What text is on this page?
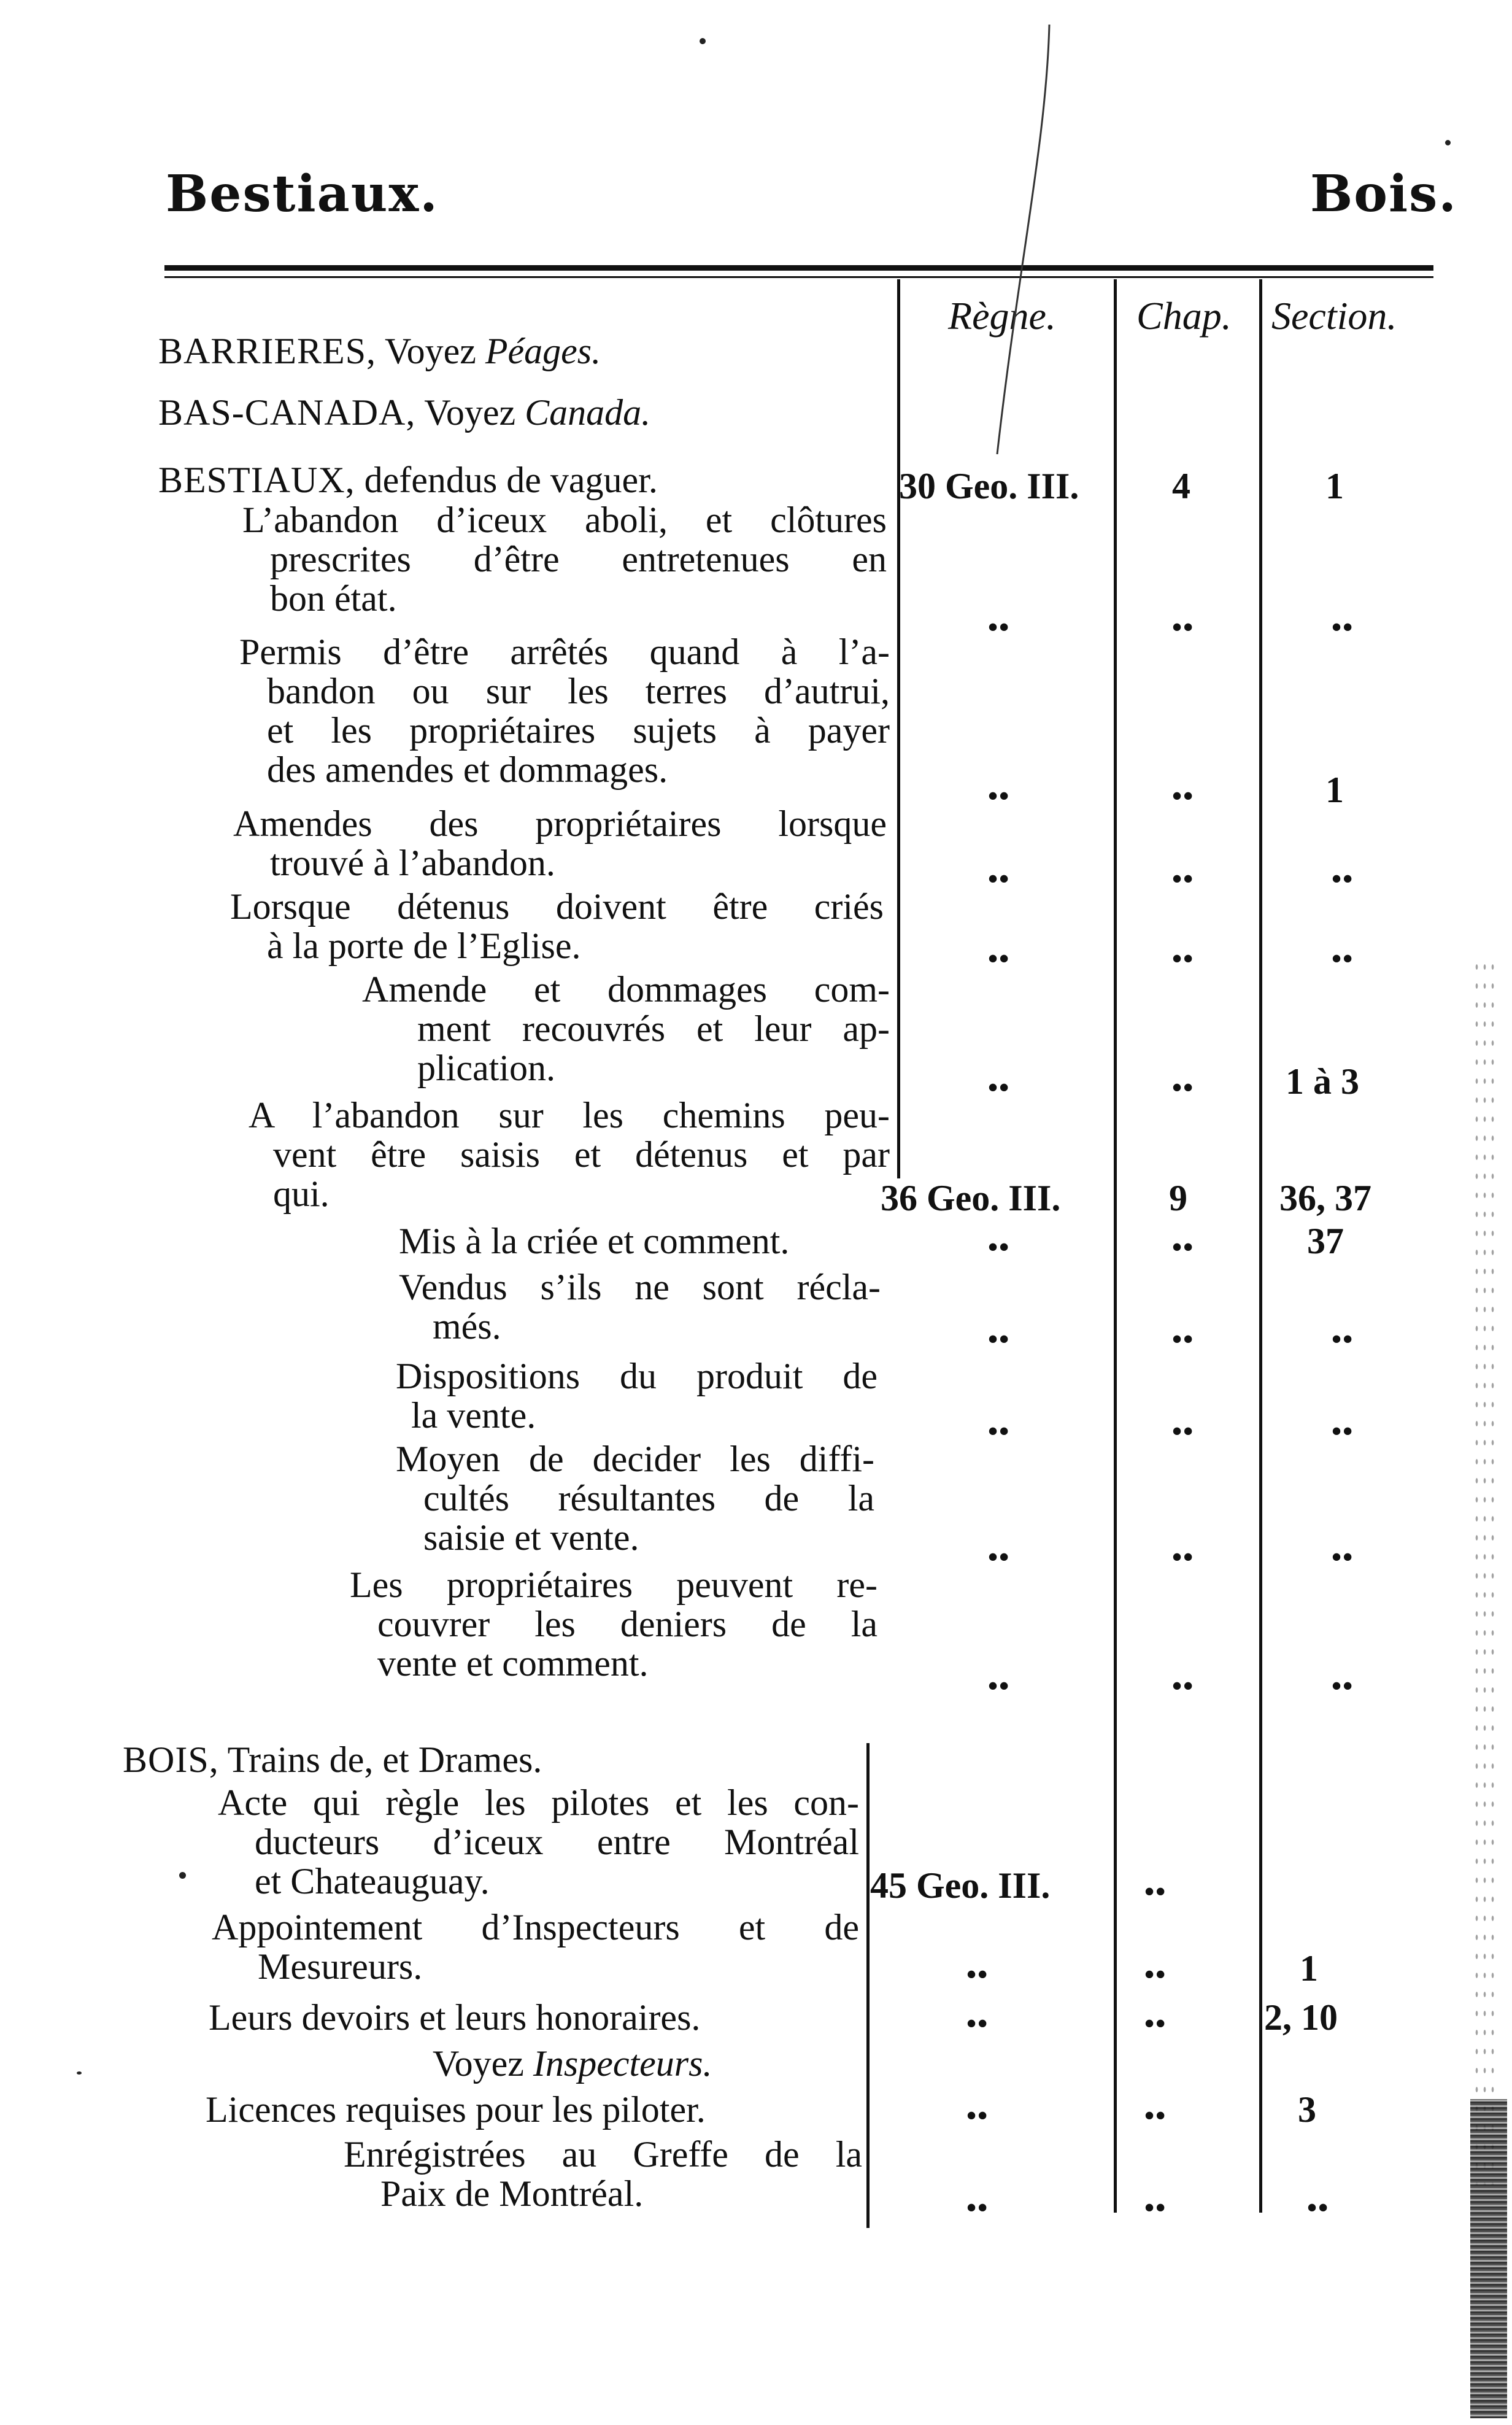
Bestiaux.	Bois.
Règne. Chap. Section.
BARRIERES, Voyez Péages.
BAS-CANADA, Voyez Canada.
BESTIAUX, defendus de vaguer.	30 Geo. III.	4	1
L’abandon d’iceux aboli, et clôtures
prescrites d’être entretenues en
bon état.
••	••	••
Permis d’être arrêtés quand à l’a-
bandon ou sur les terres d’autrui,
et les propriétaires sujets à payer
des amendes et dommages.
••	••	1
Amendes des propriétaires lorsque
trouvé à l’abandon.	••	••	••
Lorsque détenus doivent être criés
à la porte de l’Eglise.	••	••	••
Amende et dommages com-
ment recouvrés et leur ap-
plication.	••	•• 1 à 3
A l’abandon sur les chemins peu-
vent être saisis et détenus et par
qui.	36 Geo. III.	9	36, 37
Mis à la criée et comment.	••	••	37
Vendus s’ils ne sont récla-
més.	••	••	••
Dispositions du produit de
la vente.	••	••	••
Moyen de decider les diffi-
cultés résultantes de la
saisie et vente.	••	••	••
Les propriétaires peuvent re-
couvrer les deniers de la
vente et comment.
••	••	••
BOIS, Trains de, et Drames.
Acte qui règle les pilotes et les con-
ducteurs d’iceux entre Montréal
et Chateauguay.	45 Geo. III.	••
Appointement d’Inspecteurs et de
Mesureurs.	••	••	1
Leurs devoirs et leurs honoraires.	••	••	2, 10
Voyez Inspecteurs.
Licences requises pour les piloter.	••	••	3
Enrégistrées au Greffe de la
Paix de Montréal.	••	••	••
